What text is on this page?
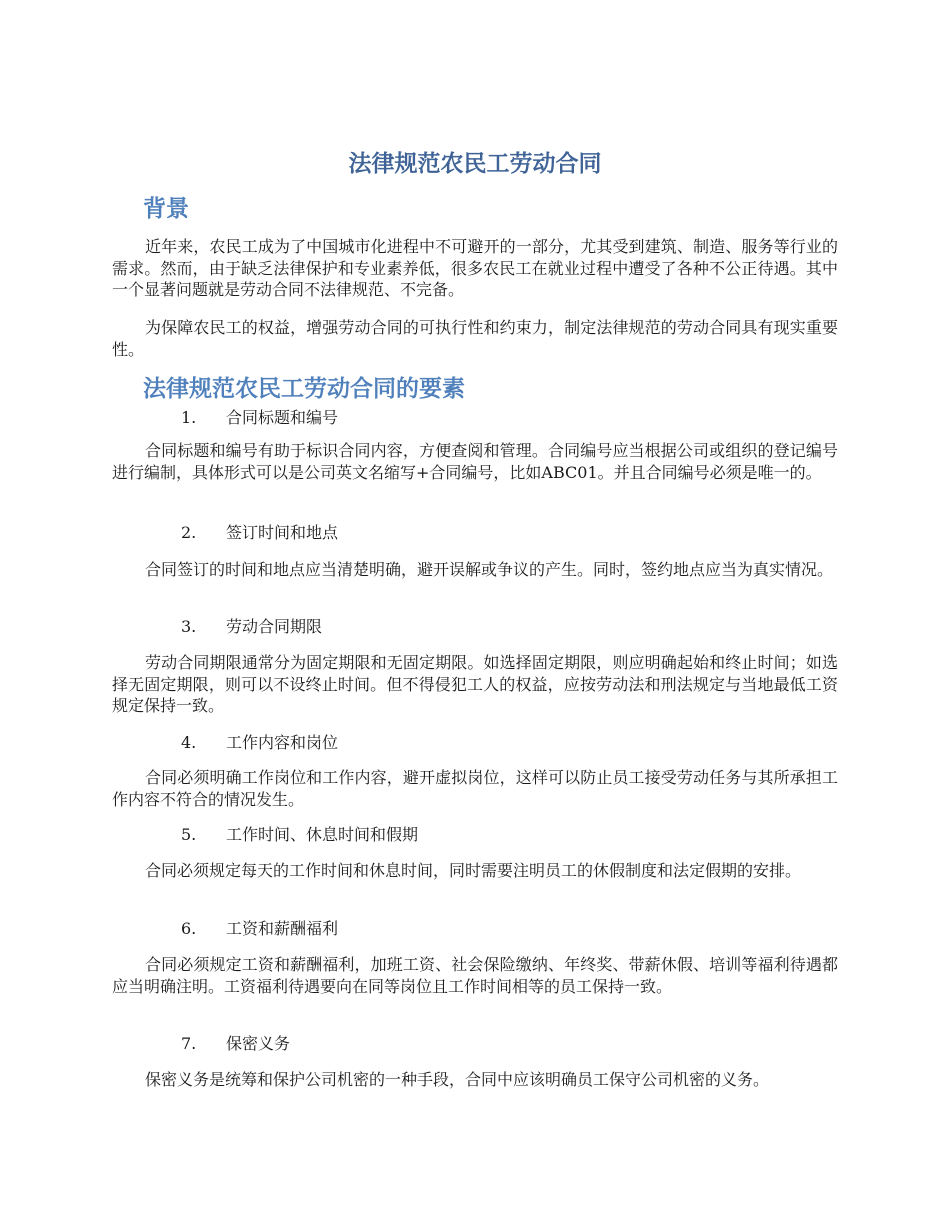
法律规范农民工劳动合同
背景

近年来，农民工成为了中国城市化进程中不可避开的一部分，尤其受到建筑、制造、服务等行业的需求。然而，由于缺乏法律保护和专业素养低，很多农民工在就业过程中遭受了各种不公正待遇。其中一个显著问题就是劳动合同不法律规范、不完备。

为保障农民工的权益，增强劳动合同的可执行性和约束力，制定法律规范的劳动合同具有现实重要性。

法律规范农民工劳动合同的要素
1. 合同标题和编号

合同标题和编号有助于标识合同内容，方便查阅和管理。合同编号应当根据公司或组织的登记编号进行编制，具体形式可以是公司英文名缩写+合同编号，比如ABC01。并且合同编号必须是唯一的。

2. 签订时间和地点

合同签订的时间和地点应当清楚明确，避开误解或争议的产生。同时，签约地点应当为真实情况。

3. 劳动合同期限

劳动合同期限通常分为固定期限和无固定期限。如选择固定期限，则应明确起始和终止时间；如选择无固定期限，则可以不设终止时间。但不得侵犯工人的权益，应按劳动法和刑法规定与当地最低工资规定保持一致。

4. 工作内容和岗位

合同必须明确工作岗位和工作内容，避开虚拟岗位，这样可以防止员工接受劳动任务与其所承担工作内容不符合的情况发生。

5. 工作时间、休息时间和假期

合同必须规定每天的工作时间和休息时间，同时需要注明员工的休假制度和法定假期的安排。

6. 工资和薪酬福利

合同必须规定工资和薪酬福利，加班工资、社会保险缴纳、年终奖、带薪休假、培训等福利待遇都应当明确注明。工资福利待遇要向在同等岗位且工作时间相等的员工保持一致。

7. 保密义务

保密义务是统筹和保护公司机密的一种手段，合同中应该明确员工保守公司机密的义务。
